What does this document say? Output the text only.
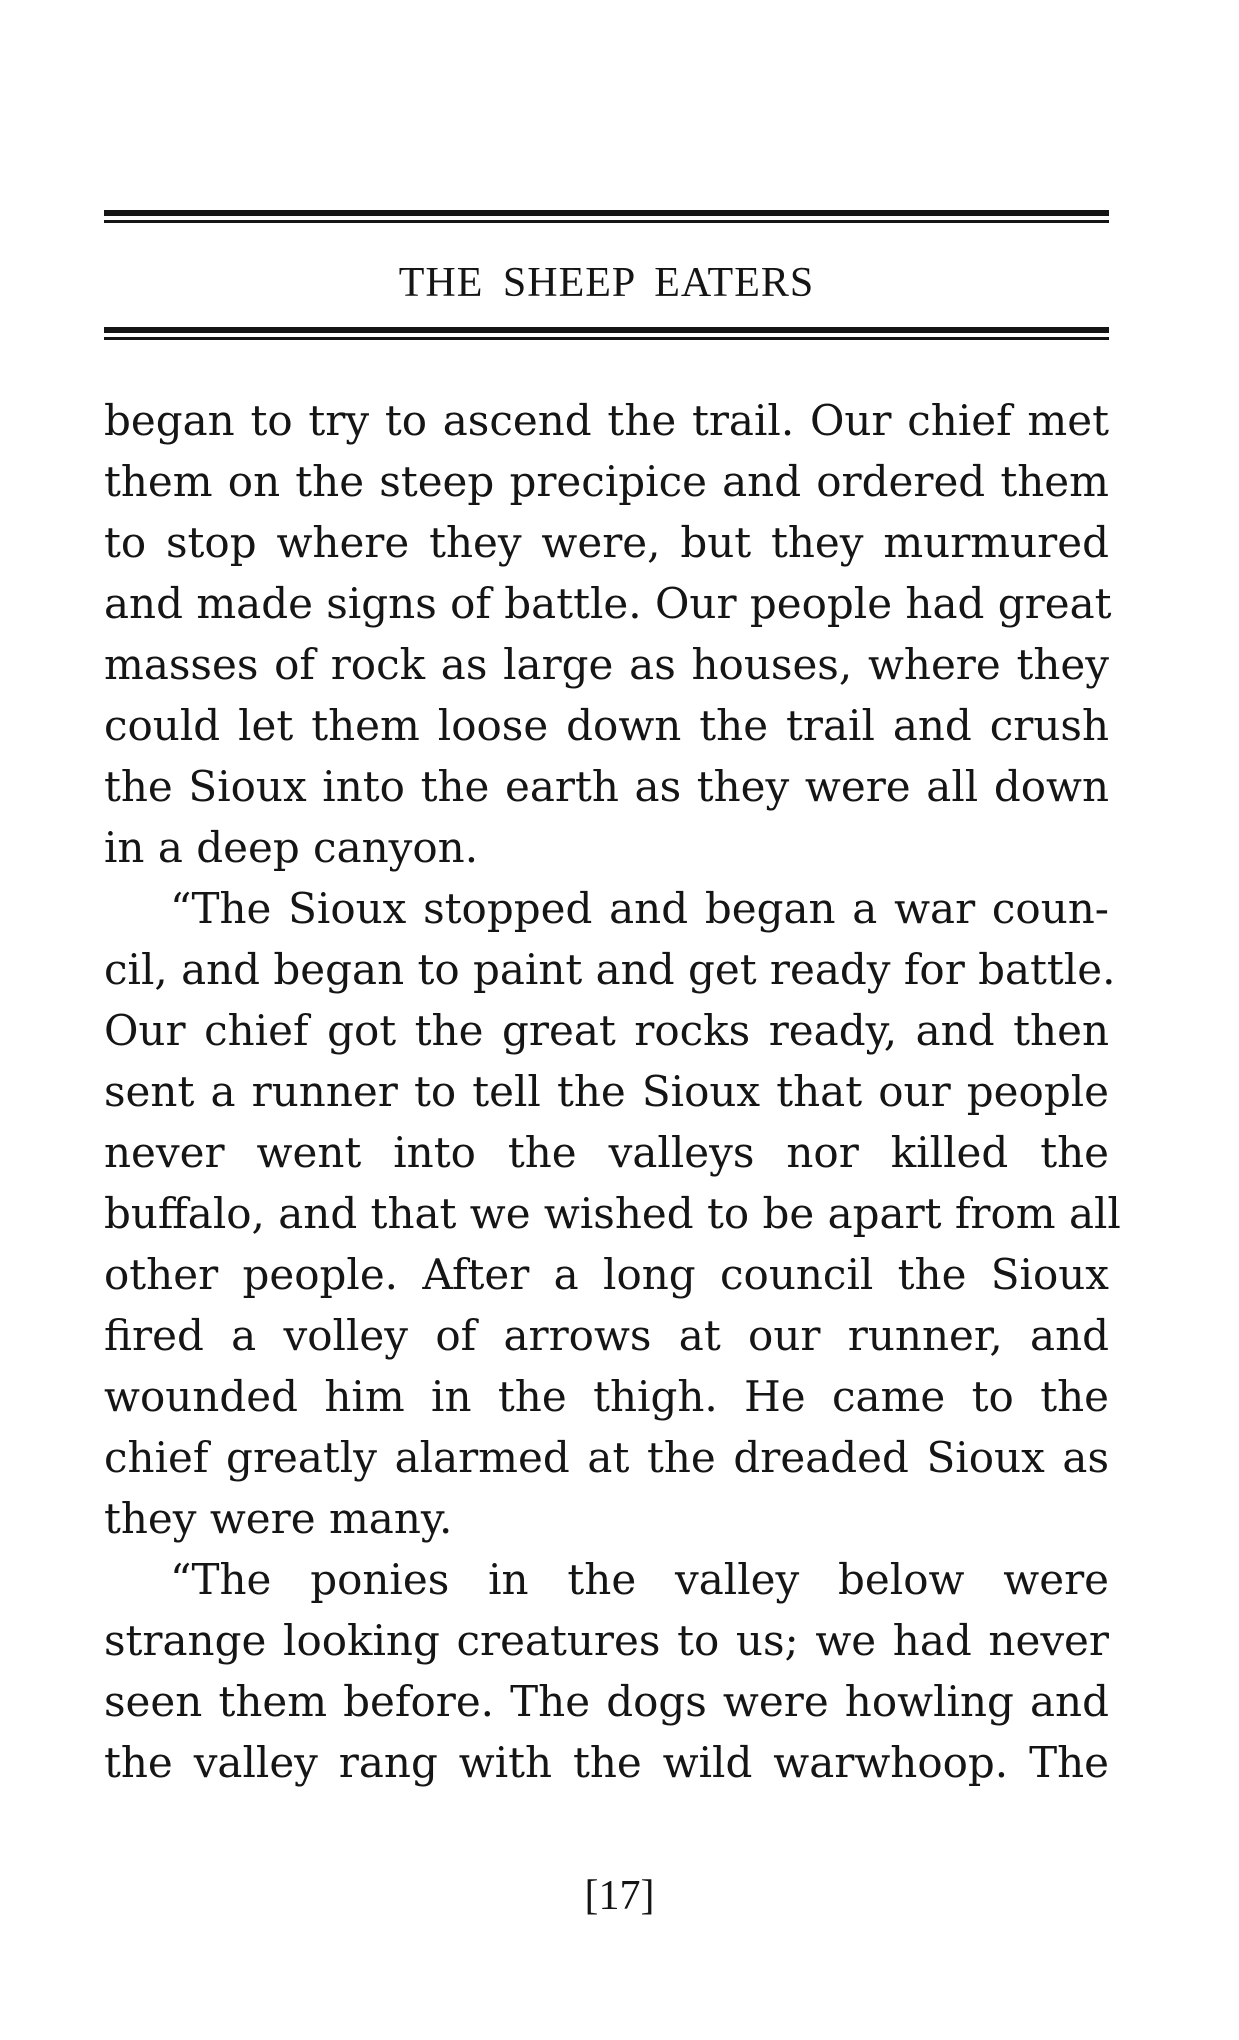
THE SHEEP EATERS
began to try to ascend the trail. Our chief met
them on the steep precipice and ordered them
to stop where they were, but they murmured
and made signs of battle. Our people had great
masses of rock as large as houses, where they
could let them loose down the trail and crush
the Sioux into the earth as they were all down
in a deep canyon.
“The Sioux stopped and began a war coun-
cil, and began to paint and get ready for battle.
Our chief got the great rocks ready, and then
sent a runner to tell the Sioux that our people
never went into the valleys nor killed the
buffalo, and that we wished to be apart from all
other people. After a long council the Sioux
fired a volley of arrows at our runner, and
wounded him in the thigh. He came to the
chief greatly alarmed at the dreaded Sioux as
they were many.
“The ponies in the valley below were
strange looking creatures to us; we had never
seen them before. The dogs were howling and
the valley rang with the wild warwhoop. The
[17]
